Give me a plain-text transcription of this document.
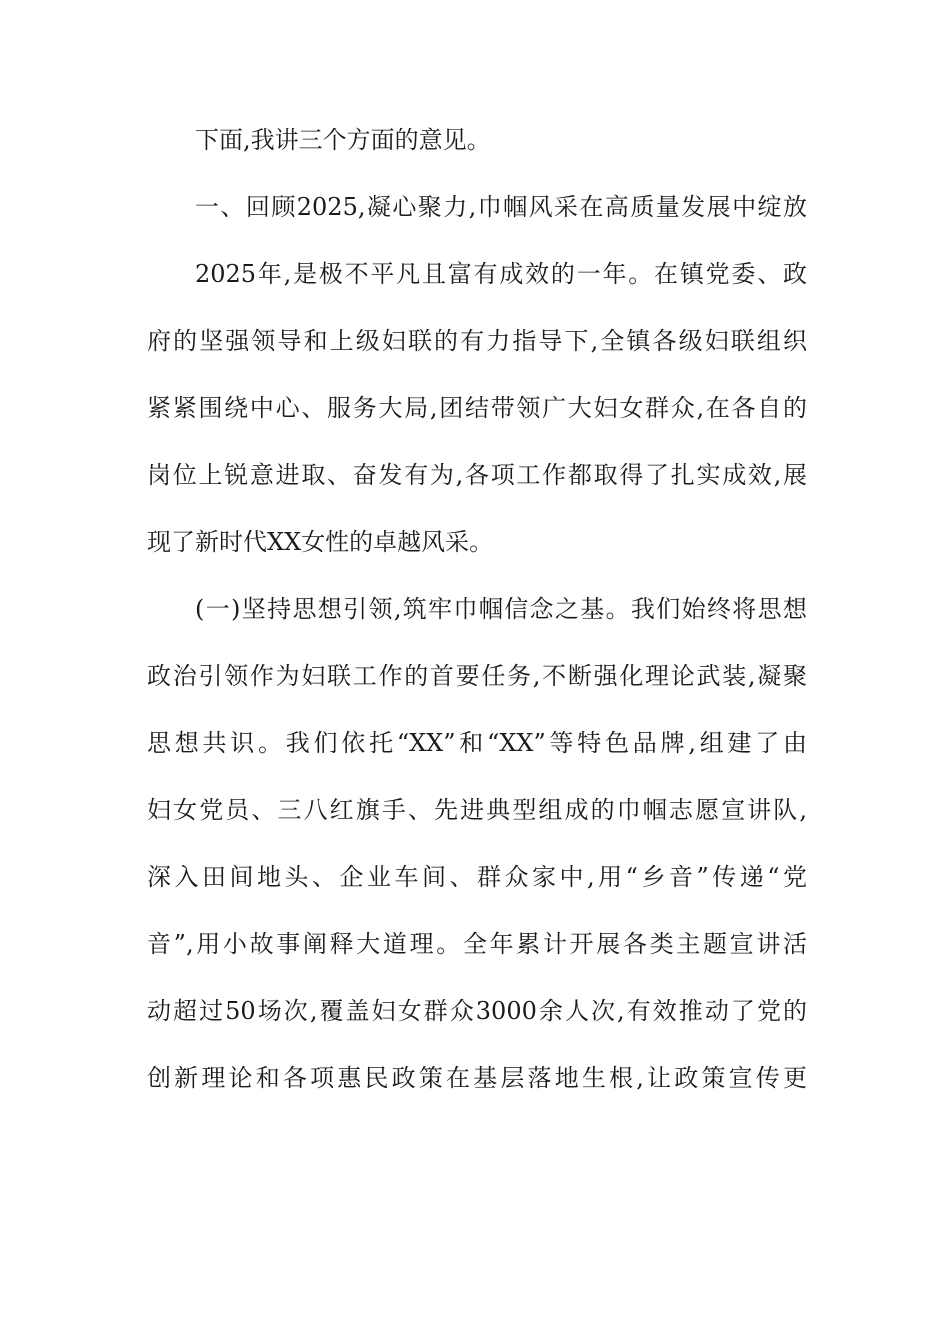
下面,我讲三个方面的意见。
一、回顾2025,凝心聚力,巾帼风采在高质量发展中绽放
2025年,是极不平凡且富有成效的一年。在镇党委、政
府的坚强领导和上级妇联的有力指导下,全镇各级妇联组织
紧紧围绕中心、服务大局,团结带领广大妇女群众,在各自的
岗位上锐意进取、奋发有为,各项工作都取得了扎实成效,展
现了新时代XX女性的卓越风采。
(一)坚持思想引领,筑牢巾帼信念之基。我们始终将思想
政治引领作为妇联工作的首要任务,不断强化理论武装,凝聚
思想共识。我们依托“XX”和“XX”等特色品牌,组建了由
妇女党员、三八红旗手、先进典型组成的巾帼志愿宣讲队,
深入田间地头、企业车间、群众家中,用“乡音”传递“党
音”,用小故事阐释大道理。全年累计开展各类主题宣讲活
动超过50场次,覆盖妇女群众3000余人次,有效推动了党的
创新理论和各项惠民政策在基层落地生根,让政策宣传更
